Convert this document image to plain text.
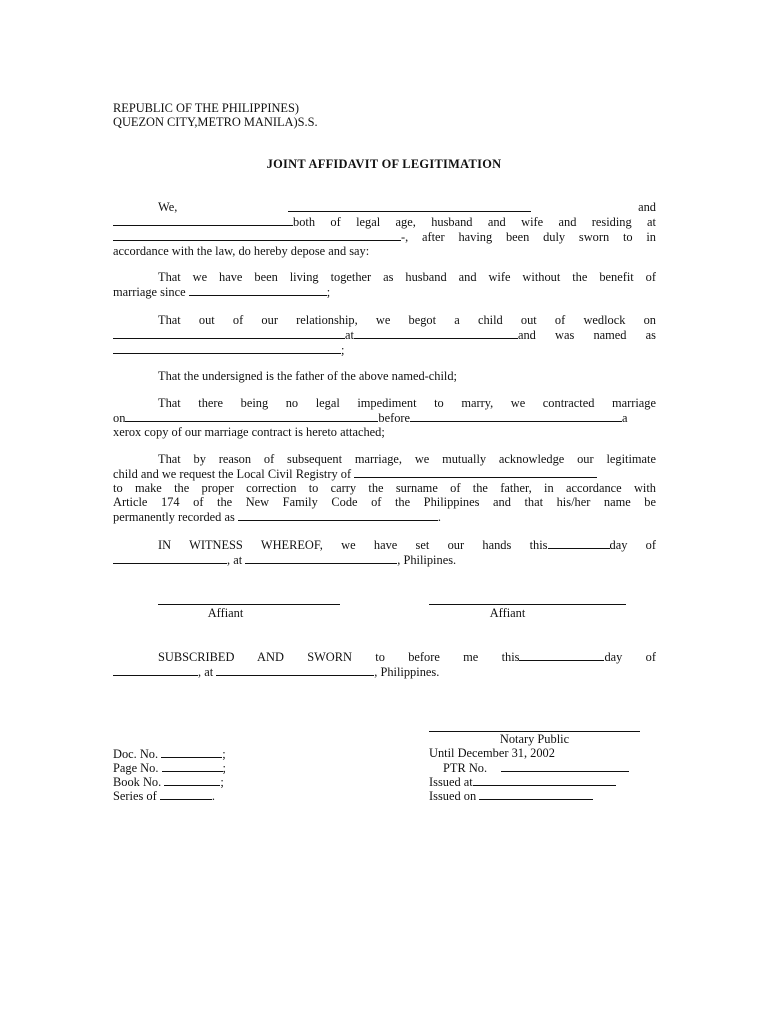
REPUBLIC OF THE PHILIPPINES)
QUEZON CITY,METRO MANILA)S.S.
JOINT AFFIDAVIT OF LEGITIMATION
We,	and
both of legal age, husband and wife and residing at
-, after having been duly sworn to in
accordance with the law, do hereby depose and say:
That we have been living together as husband and wife without the benefit of
marriage since	;
That out of our relationship, we begot a child out of wedlock on
at	and was named as
;
That the undersigned is the father of the above named-child;
That there being no legal impediment to marry, we contracted marriage
on	before	a
xerox copy of our marriage contract is hereto attached;
That by reason of subsequent marriage, we mutually acknowledge our legitimate
child and we request the Local Civil Registry of
to make the proper correction to carry the surname of the father, in accordance with
Article 174 of the New Family Code of the Philippines and that his/her name be
permanently recorded as	.
IN WITNESS WHEREOF, we have set our hands this	day of
, at	, Philipines.
Affiant	Affiant
SUBSCRIBED AND SWORN to before me this	day of
, at	, Philippines.
Notary Public
Until December 31, 2002
PTR No.
Issued at
Issued on
Doc. No.	;
Page No.	;
Book No.	;
Series of	.
